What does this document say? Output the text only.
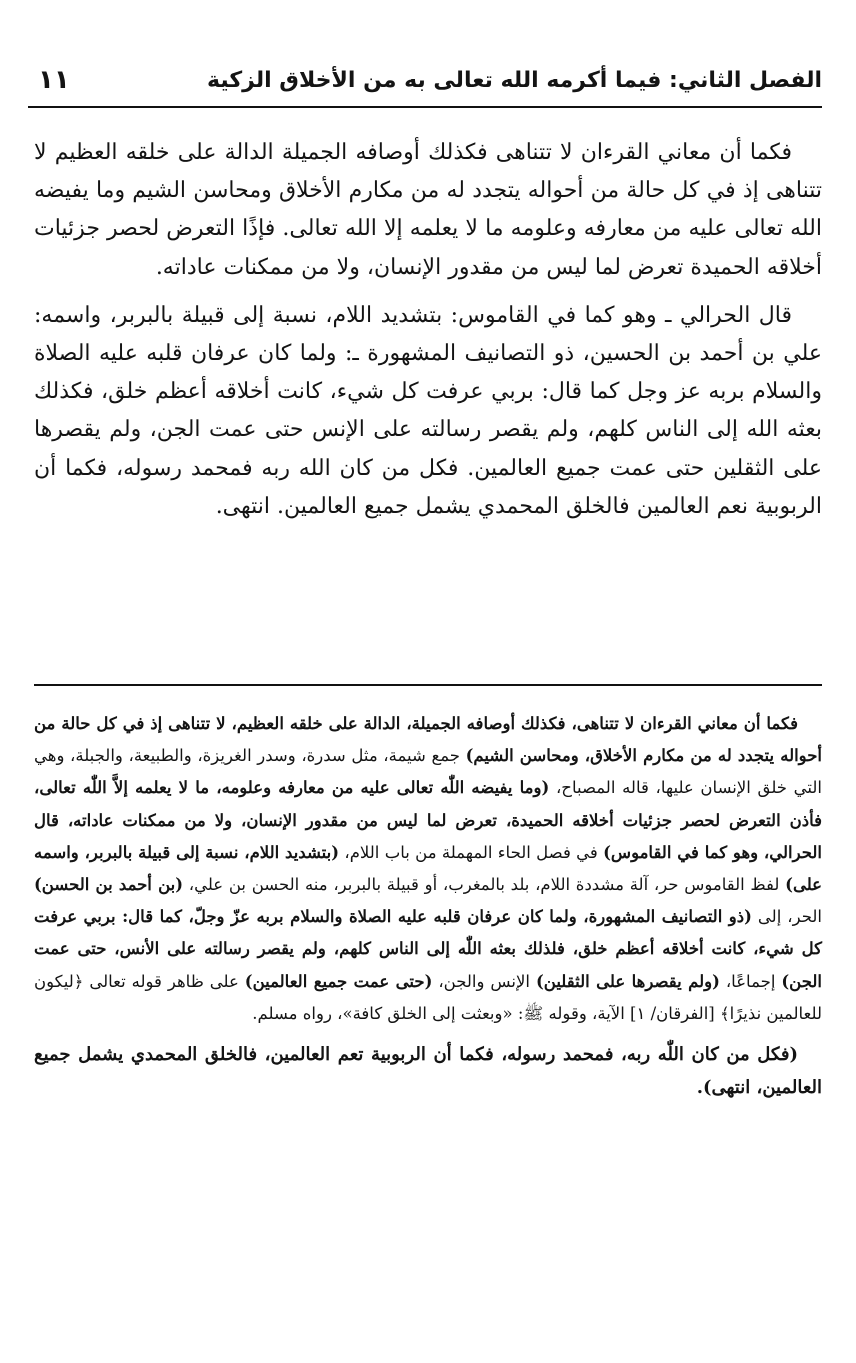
الفصل الثاني: فيما أكرمه الله تعالى به من الأخلاق الزكية
١١

فكما أن معاني القرءان لا تتناهى فكذلك أوصافه الجميلة الدالة على خلقه العظيم لا تتناهى إذ في كل حالة من أحواله يتجدد له من مكارم الأخلاق ومحاسن الشيم وما يفيضه الله تعالى عليه من معارفه وعلومه ما لا يعلمه إلا الله تعالى. فإذًا التعرض لحصر جزئيات أخلاقه الحميدة تعرض لما ليس من مقدور الإنسان، ولا من ممكنات عاداته.

قال الحرالي ـ وهو كما في القاموس: بتشديد اللام، نسبة إلى قبيلة بالبربر، واسمه: علي بن أحمد بن الحسين، ذو التصانيف المشهورة ـ: ولما كان عرفان قلبه عليه الصلاة والسلام بربه عز وجل كما قال: بربي عرفت كل شيء، كانت أخلاقه أعظم خلق، فكذلك بعثه الله إلى الناس كلهم، ولم يقصر رسالته على الإنس حتى عمت الجن، ولم يقصرها على الثقلين حتى عمت جميع العالمين. فكل من كان الله ربه فمحمد رسوله، فكما أن الربوبية نعم العالمين فالخلق المحمدي يشمل جميع العالمين. انتهى.

فكما أن معاني القرءان لا تتناهى، فكذلك أوصافه الجميلة، الدالة على خلقه العظيم، لا تتناهى إذ في كل حالة من أحواله يتجدد له من مكارم الأخلاق، ومحاسن الشيم) جمع شيمة، مثل سدرة، وسدر الغريزة، والطبيعة، والجبلة، وهي التي خلق الإنسان عليها، قاله المصباح، (وما يفيضه اللّٰه تعالى عليه من معارفه وعلومه، ما لا يعلمه إلاَّ اللّٰه تعالى، فأذن التعرض لحصر جزئيات أخلاقه الحميدة، تعرض لما ليس من مقدور الإنسان، ولا من ممكنات عاداته، قال الحرالي، وهو كما في القاموس) في فصل الحاء المهملة من باب اللام، (بتشديد اللام، نسبة إلى قبيلة بالبربر، واسمه على) لفظ القاموس حر، آلة مشددة اللام، بلد بالمغرب، أو قبيلة بالبربر، منه الحسن بن علي، (بن أحمد بن الحسن) الحر، إلى (ذو التصانيف المشهورة، ولما كان عرفان قلبه عليه الصلاة والسلام بربه عزّ وجلّ، كما قال: بربي عرفت كل شيء، كانت أخلاقه أعظم خلق، فلذلك بعثه اللّٰه إلى الناس كلهم، ولم يقصر رسالته على الأنس، حتى عمت الجن) إجماعًا، (ولم يقصرها على الثقلين) الإنس والجن، (حتى عمت جميع العالمين) على ظاهر قوله تعالى ﴿ليكون للعالمين نذيرًا﴾ [الفرقان/ ١] الآية، وقوله ﷺ: «وبعثت إلى الخلق كافة»، رواه مسلم.

(فكل من كان اللّٰه ربه، فمحمد رسوله، فكما أن الربوبية تعم العالمين، فالخلق المحمدي يشمل جميع العالمين، انتهى).
